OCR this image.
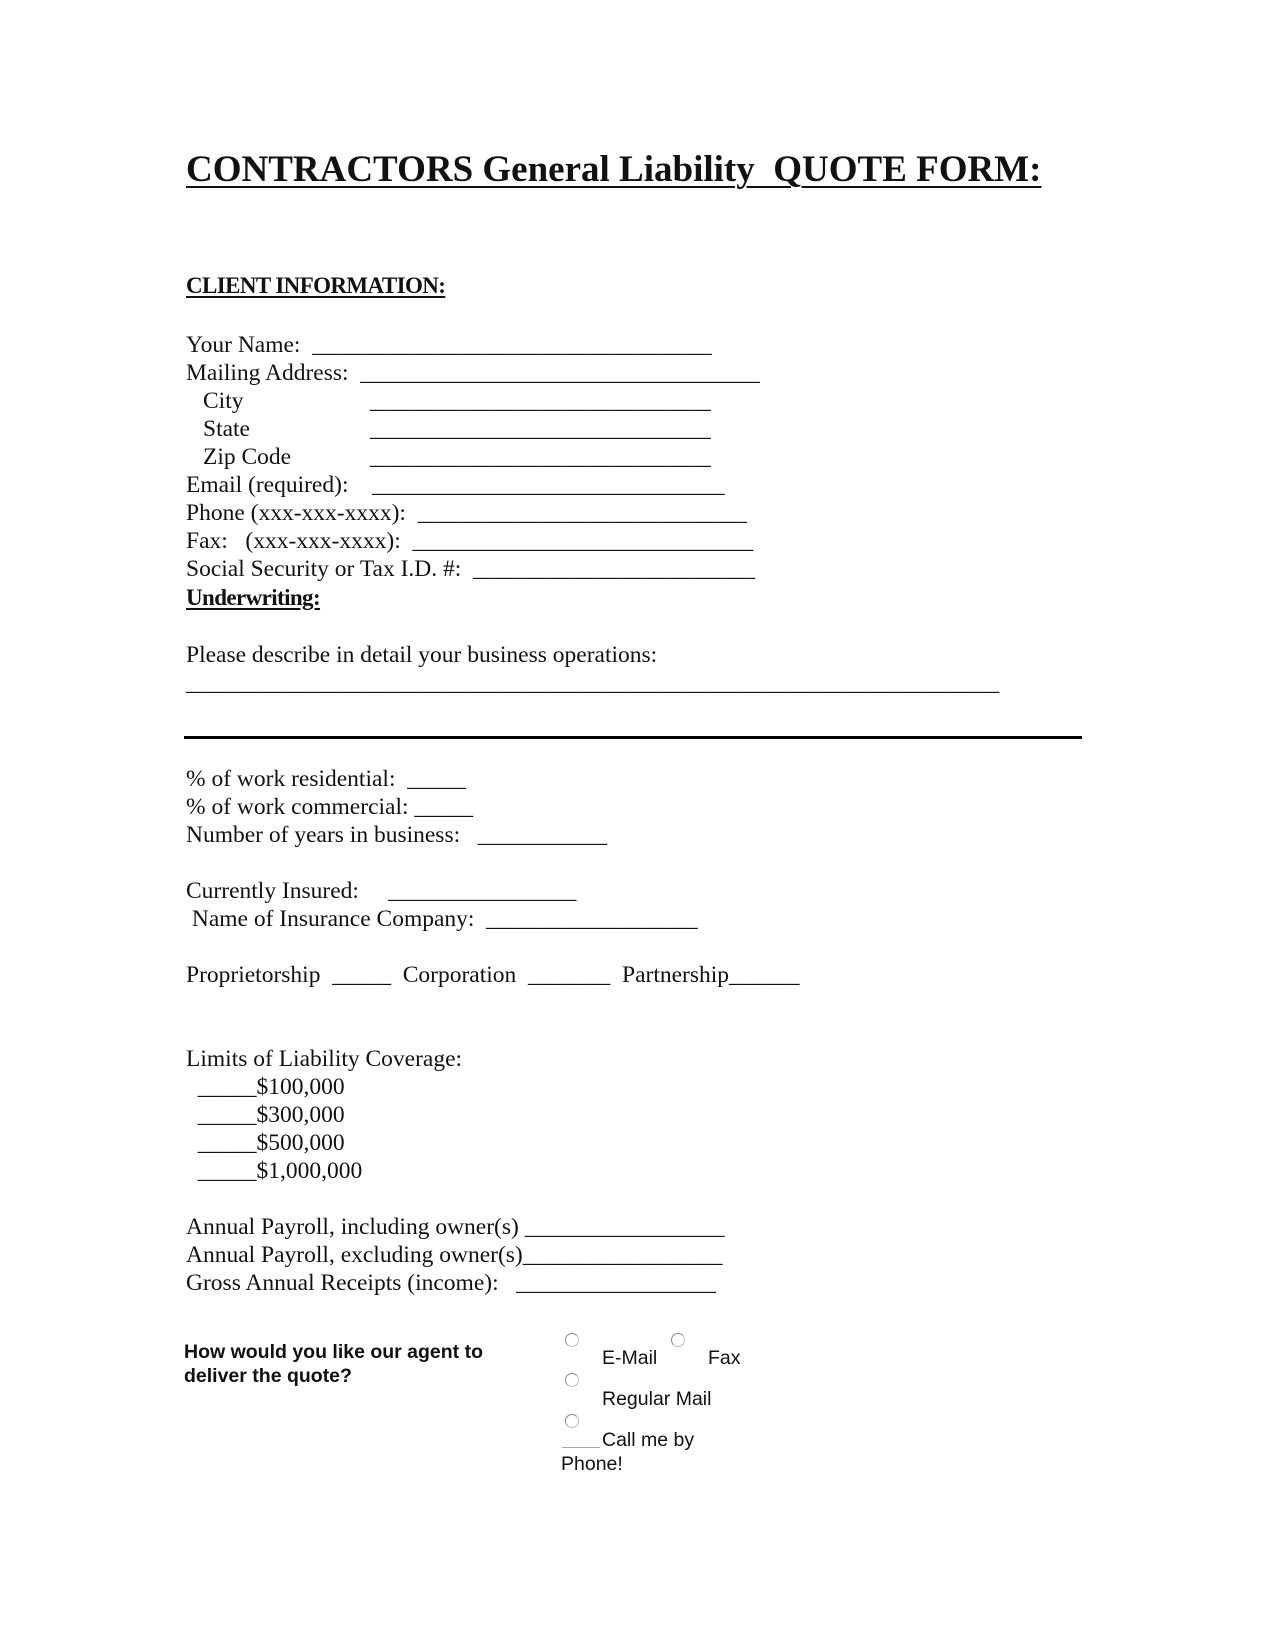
CONTRACTORS General Liability  QUOTE FORM:
CLIENT INFORMATION:
Your Name:  __________________________________
Mailing Address:  __________________________________
City	_____________________________
State	_____________________________
Zip Code	_____________________________
Email (required):    ______________________________
Phone (xxx-xxx-xxxx):  ____________________________
Fax:   (xxx-xxx-xxxx):  _____________________________
Social Security or Tax I.D. #:  ________________________
Underwriting:
Please describe in detail your business operations:
_______________________________________________________________________
% of work residential:  _____
% of work commercial: _____
Number of years in business:   ___________
Currently Insured:     ________________
Name of Insurance Company:  __________________
Proprietorship  _____  Corporation  _______  Partnership______
Limits of Liability Coverage:
_____$100,000
_____$300,000
_____$500,000
_____$1,000,000
Annual Payroll, including owner(s) _________________
Annual Payroll, excluding owner(s)_________________
Gross Annual Receipts (income):   _________________
How would you like our agent to deliver the quote?
E-Mail	Fax
Regular Mail
Call me by
Phone!
